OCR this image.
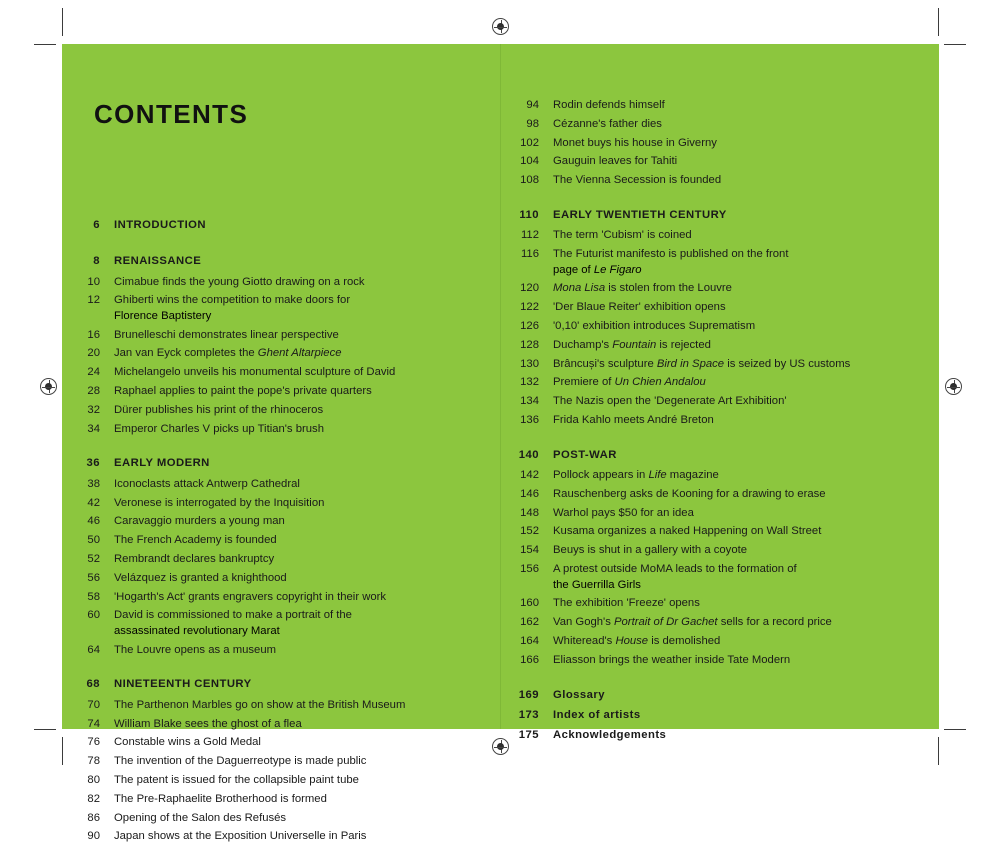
CONTENTS
6	INTRODUCTION
8	RENAISSANCE
10	Cimabue finds the young Giotto drawing on a rock
12	Ghiberti wins the competition to make doors for
Florence Baptistery
16	Brunelleschi demonstrates linear perspective
20	Jan van Eyck completes the Ghent Altarpiece
24	Michelangelo unveils his monumental sculpture of David
28	Raphael applies to paint the pope's private quarters
32	Dürer publishes his print of the rhinoceros
34	Emperor Charles V picks up Titian's brush
36	EARLY MODERN
38	Iconoclasts attack Antwerp Cathedral
42	Veronese is interrogated by the Inquisition
46	Caravaggio murders a young man
50	The French Academy is founded
52	Rembrandt declares bankruptcy
56	Velázquez is granted a knighthood
58	'Hogarth's Act' grants engravers copyright in their work
60	David is commissioned to make a portrait of the
assassinated revolutionary Marat
64	The Louvre opens as a museum
68	NINETEENTH CENTURY
70	The Parthenon Marbles go on show at the British Museum
74	William Blake sees the ghost of a flea
76	Constable wins a Gold Medal
78	The invention of the Daguerreotype is made public
80	The patent is issued for the collapsible paint tube
82	The Pre-Raphaelite Brotherhood is formed
86	Opening of the Salon des Refusés
90	Japan shows at the Exposition Universelle in Paris
94	Rodin defends himself
98	Cézanne's father dies
102	Monet buys his house in Giverny
104	Gauguin leaves for Tahiti
108	The Vienna Secession is founded
110	EARLY TWENTIETH CENTURY
112	The term 'Cubism' is coined
116	The Futurist manifesto is published on the front
page of Le Figaro
120	Mona Lisa is stolen from the Louvre
122	'Der Blaue Reiter' exhibition opens
126	'0,10' exhibition introduces Suprematism
128	Duchamp's Fountain is rejected
130	Brâncuși's sculpture Bird in Space is seized by US customs
132	Premiere of Un Chien Andalou
134	The Nazis open the 'Degenerate Art Exhibition'
136	Frida Kahlo meets André Breton
140	POST-WAR
142	Pollock appears in Life magazine
146	Rauschenberg asks de Kooning for a drawing to erase
148	Warhol pays $50 for an idea
152	Kusama organizes a naked Happening on Wall Street
154	Beuys is shut in a gallery with a coyote
156	A protest outside MoMA leads to the formation of
the Guerrilla Girls
160	The exhibition 'Freeze' opens
162	Van Gogh's Portrait of Dr Gachet sells for a record price
164	Whiteread's House is demolished
166	Eliasson brings the weather inside Tate Modern
169	Glossary
173	Index of artists
175	Acknowledgements
